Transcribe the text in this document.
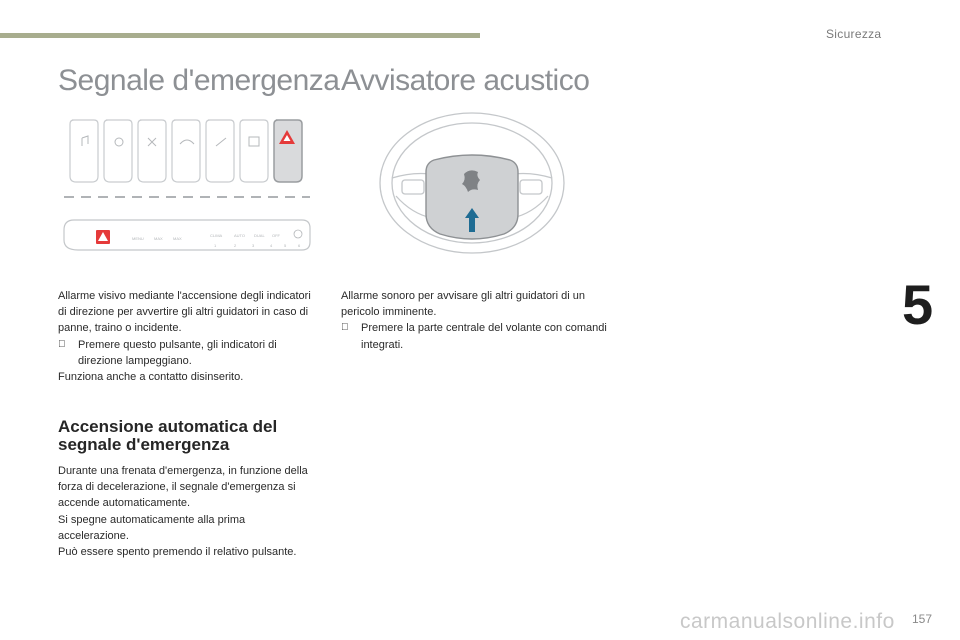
Sicurezza
Segnale d'emergenza Avvisatore acustico
MENU	MAX	MAX
CLIMA	AUTO DUAL OFF
1	2	3	4	5	6
Allarme visivo mediante l'accensione degli indicatori di direzione per avvertire gli altri guidatori in caso di panne, traino o incidente.
Premere questo pulsante, gli indicatori di direzione lampeggiano.
Funziona anche a contatto disinserito.
Accensione automatica del segnale d'emergenza
Durante una frenata d'emergenza, in funzione della forza di decelerazione, il segnale d'emergenza si accende automaticamente.
Si spegne automaticamente alla prima accelerazione.
Può essere spento premendo il relativo pulsante.
Allarme sonoro per avvisare gli altri guidatori di un pericolo imminente.
Premere la parte centrale del volante con comandi integrati.
5
carmanualsonline.info 157
